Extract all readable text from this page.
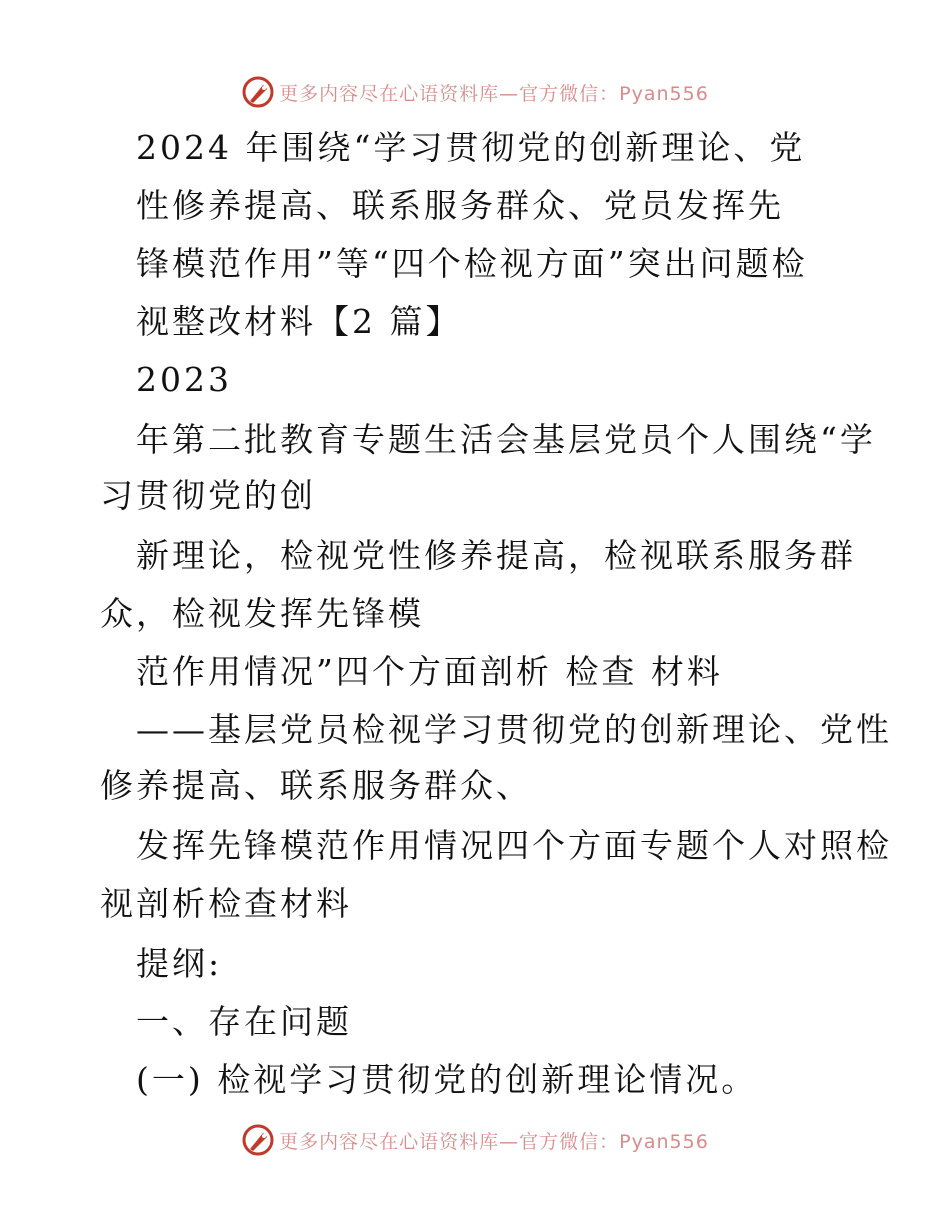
更多内容尽在心语资料库—官方微信：Pyan556
2024 年围绕“学习贯彻党的创新理论、党
性修养提高、联系服务群众、党员发挥先
锋模范作用”等“四个检视方面”突出问题检
视整改材料【2 篇】
2023
年第二批教育专题生活会基层党员个人围绕“学
习贯彻党的创
新理论，检视党性修养提高，检视联系服务群
众，检视发挥先锋模
范作用情况”四个方面剖析 检查 材料
——基层党员检视学习贯彻党的创新理论、党性
修养提高、联系服务群众、
发挥先锋模范作用情况四个方面专题个人对照检
视剖析检查材料
提纲:
一、存在问题
(一) 检视学习贯彻党的创新理论情况。
更多内容尽在心语资料库—官方微信：Pyan556
